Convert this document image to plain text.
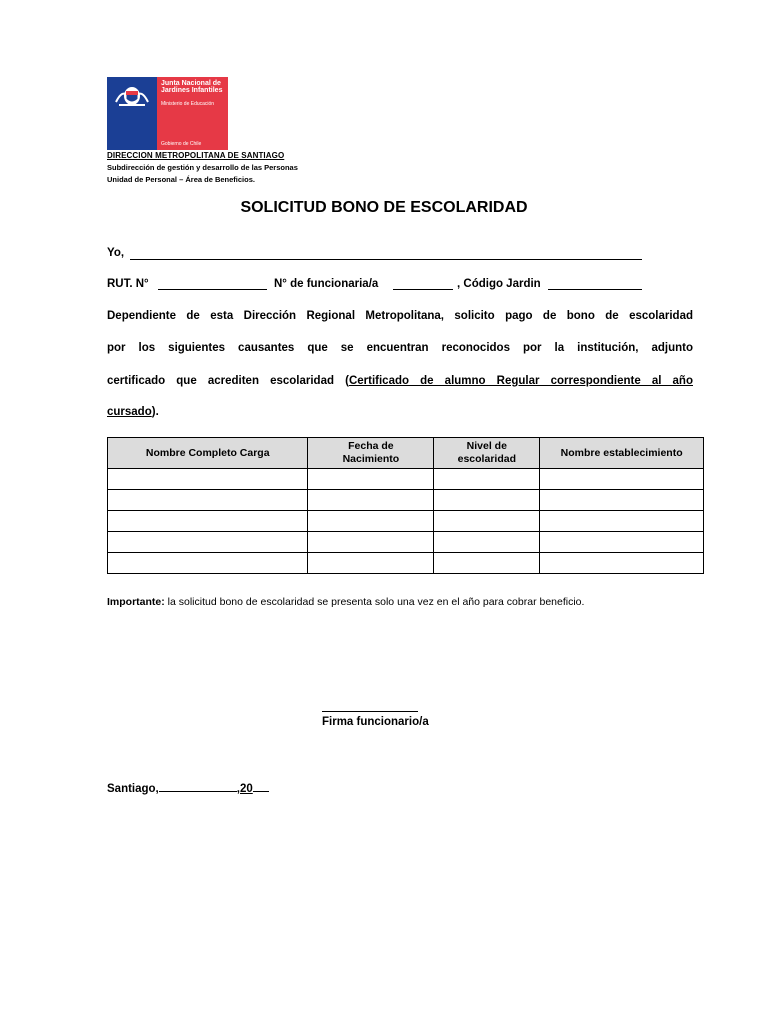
Junta Nacional de Jardines Infantiles
Ministerio de Educación
Gobierno de Chile
DIRECCION METROPOLITANA DE SANTIAGO
Subdirección de gestión y desarrollo de las Personas
Unidad de Personal – Área de Beneficios.
SOLICITUD BONO DE ESCOLARIDAD
Yo,
RUT. N°	N° de funcionaria/a	, Código Jardin
Dependiente de esta Dirección Regional Metropolitana, solicito pago de bono de escolaridad
por los siguientes causantes que se encuentran reconocidos por la institución, adjunto
certificado que acrediten escolaridad (Certificado de alumno Regular correspondiente al año
cursado).
Nombre Completo Carga	Fecha de Nacimiento	Nivel de escolaridad	Nombre establecimiento

Importante: la solicitud bono de escolaridad se presenta solo una vez en el año para cobrar beneficio.
Firma funcionario/a
Santiago,	,20
